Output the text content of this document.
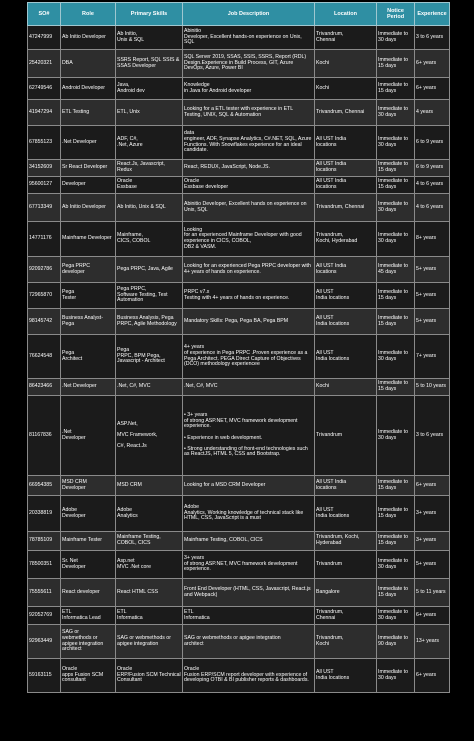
SO#	Role	Primary Skills	Job Description	Location	Notice Period	Experience
47247999	Ab Initio Developer	Ab Initio,
Unix & SQL	Abinitio
Developer, Excellent hands-on experience on Unix, SQL	Trivandrum,
Chennai	Immediate to 30 days	3 to 6 years
25420321	DBA	SSRS Report, SQL SSIS & SSAS Developer	SQL Server 2019, SSAS, SSIS, SSRS, Report (RDL)
Design.Experience in Build Process, GIT, Azure DevOps, Azure, Power BI	Kochi	Immediate to 15 days	6+ years
62749546	Android Developer	Java,
Android dev	Knowledge
in Java for Android developer	Kochi	Immediate to 15 days	6+ years
41947294	ETL Testing	ETL, Unix	Looking for a ETL tester with experience in ETL
Testing, UNIX, SQL & Automation	Trivandrum, Chennai	Immediate to 30 days	4 years
67855123	.Net Developer	ADF, C#,
.Net, Azure	data
engineer, ADF, Synapse Analytics, C#.NET, SQL, Azure Functions. With Snowflakes experience for an ideal candidate.	All UST India
locations	Immediate to 30 days	6 to 9 years
34152609	Sr React Developer	React.Js, Javascript, Redux	React, REDUX, JavaScript, Node.JS.	All UST India
locations	Immediate to 15 days	6 to 9 years
95600127	Developer	Oracle
Essbase	Oracle
Essbase developer	All UST India
locations	Immediate to 15 days	4 to 6 years
67713349	Ab Initio Developer	Ab Initio, Unix & SQL	Abinitio Developer, Excellent hands on experience on
Unix, SQL	Trivandrum, Chennai	Immediate to 30 days	4 to 6 years
14771176	Mainframe Developer	Mainframe,
CICS, COBOL	Looking
for an experienced Mainframe Developer with good experience in CICS, COBOL,
DB2 & VASM.	Trivandrum,
Kochi, Hyderabad	Immediate to 30 days	8+ years
92092786	Pega PRPC developer	Pega PRPC, Java, Agile	Looking for an experienced Pega PRPC developer with 4+ years of hands on experience.	All UST India
locations	Immediate to 45 days	5+ years
72965870	Pega
Tester	Pega PRPC,
Software Testing, Test Automation	PRPC v7.x
Testing with 4+ years of hands on experience.	All UST
India locations	Immediate to 15 days	5+ years
98145742	Business Analyst-Pega	Business Analysis, Pega PRPC, Agile Methodology	Mandatory Skills: Pega, Pega BA, Pega BPM	All UST
India locations	Immediate to 15 days	5+ years
76624548	Pega
Architect	Pega
PRPC, BPM Pega,
Javascript - Architect	4+ years
of experience in Pega PRPC .Proven experience as a Pega Architect. PEGA Direct Capture of Objectives (DCO) methodology experiencee	All UST
India locations	Immediate to 30 days	7+ years
86423466	.Net Developer	.Net, C#, MVC	.Net, C#, MVC	Kochi	Immediate to 15 days	5 to 10 years
81167836	.Net
Developer	ASP.Net,

MVC Framework,

C#, React.Js	• 3+ years
of strong ASP.NET, MVC framework development experience.

• Experience in web development.

• Strong understanding of front-end technologies such as ReactJS, HTML 5, CSS and Bootstrap.	Trivandrum	Immediate to 30 days	3 to 6 years
66954385	MSD CRM
Developer	MSD CRM	Looking for a MSD CRM Developer	All UST India
locations	Immediate to 15 days	6+ years
20338819	Adobe
Developer	Adobe
Analytics	Adobe
Analytics, Working knowledge of technical stack like HTML, CSS, JavaScript is a must	All UST
India locations	Immediate to 15 days	3+ years
78785109	Mainframe Tester	Mainframe Testing, COBOL, CICS	Mainframe Testing, COBOL, CICS	Trivandrum, Kochi,
Hyderabad	Immediate to 15 days	3+ years
78500351	Sr. Net
Developer	Asp.net
MVC .Net core	3+ years
of strong ASP.NET, MVC framework development experience.	Trivandrum	Immediate to 30 days	5+ years
75555611	React developer	React HTML CSS	Front End Developer (HTML, CSS, Javascript, React.js
and Webpack)	Bangalore	Immediate to 15 days	5 to 11 years
92052769	ETL
Informatica Lead	ETL
Informatica	ETL
Informatica	Trivandrum,
Chennai	Immediate to 30 days	6+ years
92963449	SAG or
webmethods or apigee integration architect	SAG or webmethods or apigee integration	SAG or webmethods or apigee integration
architect	Trivandrum,
Kochi	Immediate to 90 days	13+ years
59163115	Oracle
apps Fusion SCM consultant	Oracle
ERP/Fusion SCM Technical Consultant	Oracle
Fusion ERP/SCM report developer with experience of developing OTBI & BI publisher reports & dashboards.	All UST
India locations	Immediate to 30 days	6+ years
